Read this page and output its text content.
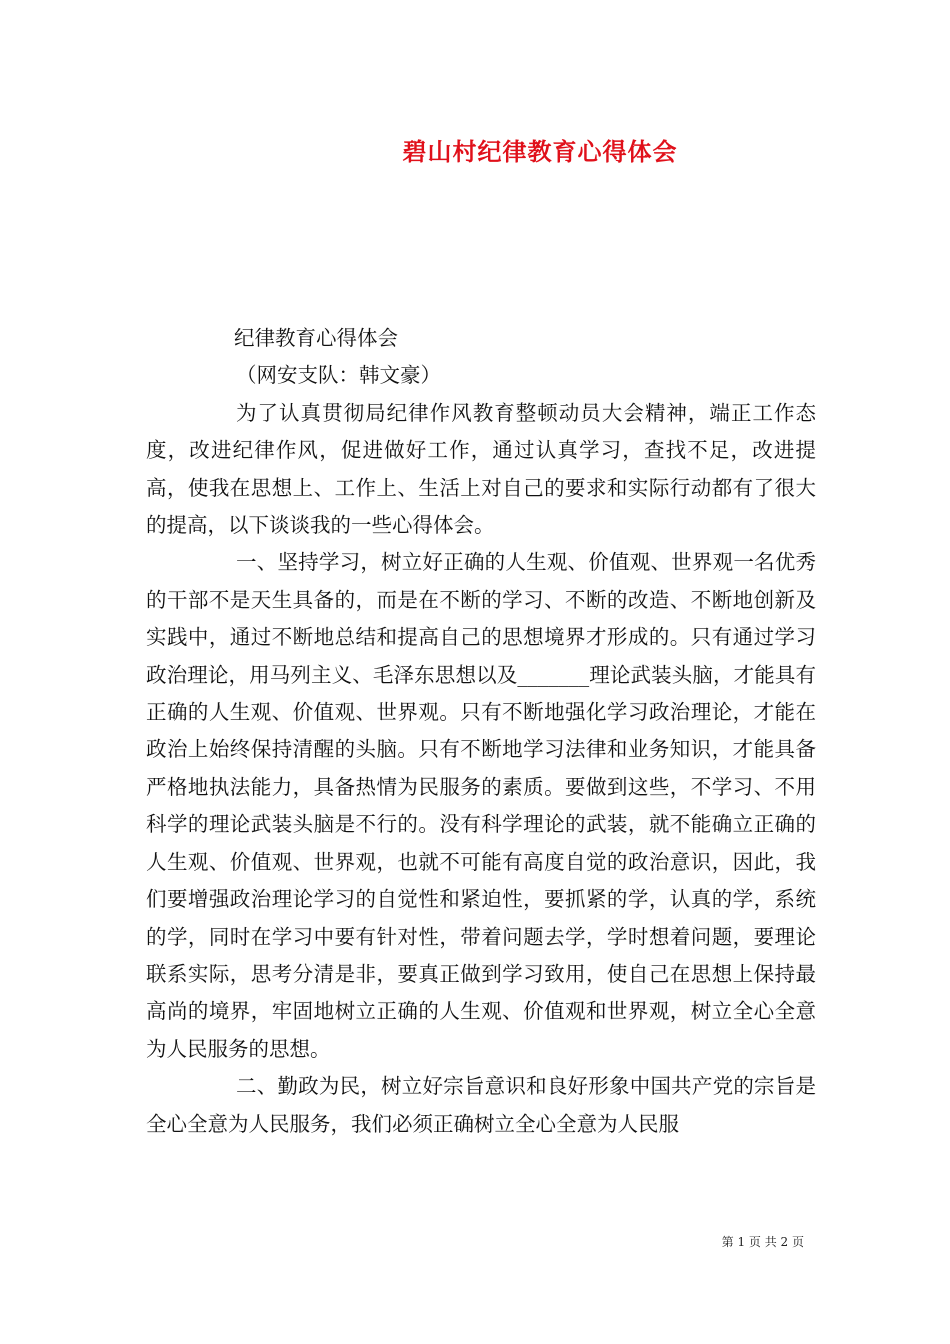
碧山村纪律教育心得体会

纪律教育心得体会

（网安支队：韩文豪）

为了认真贯彻局纪律作风教育整顿动员大会精神，端正工作态度，改进纪律作风，促进做好工作，通过认真学习，查找不足，改进提高，使我在思想上、工作上、生活上对自己的要求和实际行动都有了很大的提高，以下谈谈我的一些心得体会。

一、坚持学习，树立好正确的人生观、价值观、世界观一名优秀的干部不是天生具备的，而是在不断的学习、不断的改造、不断地创新及实践中，通过不断地总结和提高自己的思想境界才形成的。只有通过学习政治理论，用马列主义、毛泽东思想以及_______理论武装头脑，才能具有正确的人生观、价值观、世界观。只有不断地强化学习政治理论，才能在政治上始终保持清醒的头脑。只有不断地学习法律和业务知识，才能具备严格地执法能力，具备热情为民服务的素质。要做到这些，不学习、不用科学的理论武装头脑是不行的。没有科学理论的武装，就不能确立正确的人生观、价值观、世界观，也就不可能有高度自觉的政治意识，因此，我们要增强政治理论学习的自觉性和紧迫性，要抓紧的学，认真的学，系统的学，同时在学习中要有针对性，带着问题去学，学时想着问题，要理论联系实际，思考分清是非，要真正做到学习致用，使自己在思想上保持最高尚的境界，牢固地树立正确的人生观、价值观和世界观，树立全心全意为人民服务的思想。

二、勤政为民，树立好宗旨意识和良好形象中国共产党的宗旨是全心全意为人民服务，我们必须正确树立全心全意为人民服

第 1 页 共 2 页
